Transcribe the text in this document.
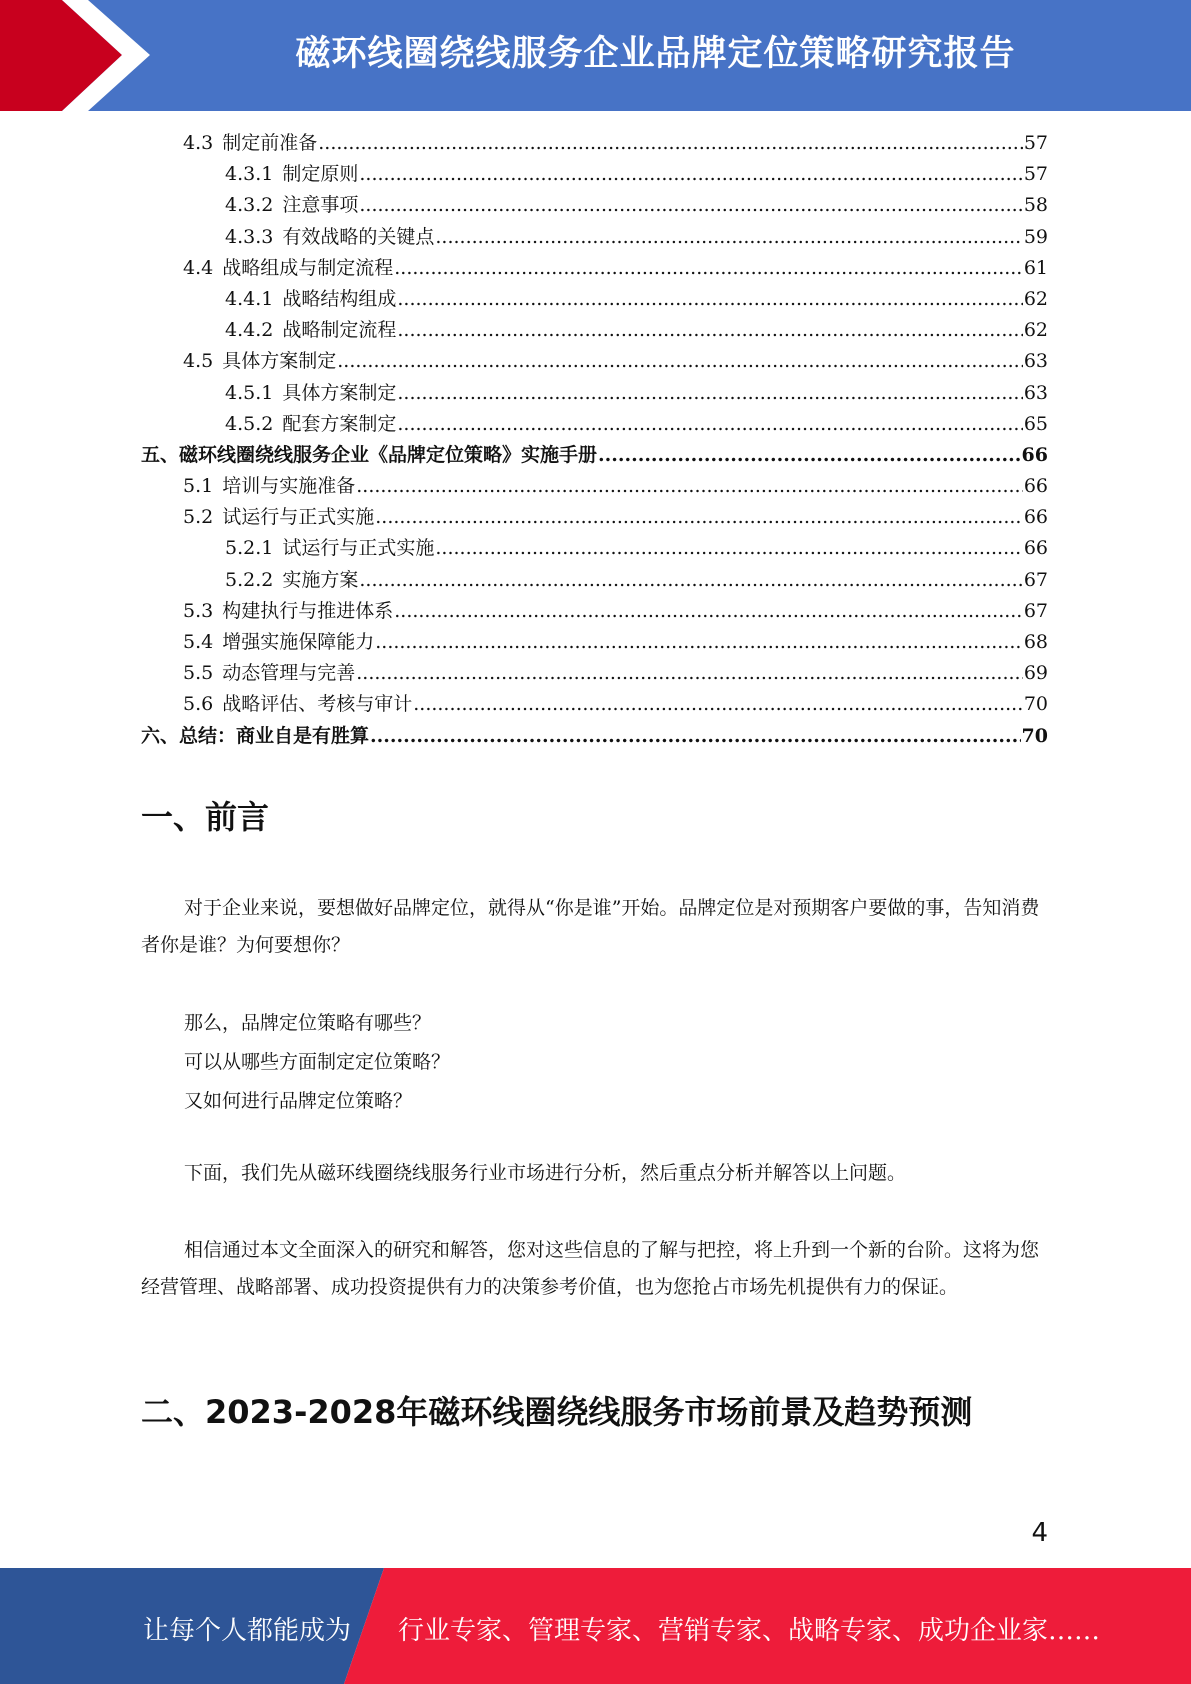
磁环线圈绕线服务企业品牌定位策略研究报告
4.3 制定前准备 .....	57
4.3.1 制定原则 .....	57
4.3.2 注意事项 .....	58
4.3.3 有效战略的关键点 .....	59
4.4 战略组成与制定流程 .....	61
4.4.1 战略结构组成 .....	62
4.4.2 战略制定流程 .....	62
4.5 具体方案制定 .....	63
4.5.1 具体方案制定 .....	63
4.5.2 配套方案制定 .....	65
五、磁环线圈绕线服务企业《品牌定位策略》实施手册 .....	66
5.1 培训与实施准备 .....	66
5.2 试运行与正式实施 .....	66
5.2.1 试运行与正式实施 .....	66
5.2.2 实施方案 .....	67
5.3 构建执行与推进体系 .....	67
5.4 增强实施保障能力 .....	68
5.5 动态管理与完善 .....	69
5.6 战略评估、考核与审计 .....	70
六、总结：商业自是有胜算 .....	70
一、前言
对于企业来说，要想做好品牌定位，就得从“你是谁”开始。品牌定位是对预期客户要做的事，告知消费者你是谁？为何要想你？
那么，品牌定位策略有哪些？
可以从哪些方面制定定位策略？
又如何进行品牌定位策略？
下面，我们先从磁环线圈绕线服务行业市场进行分析，然后重点分析并解答以上问题。
相信通过本文全面深入的研究和解答，您对这些信息的了解与把控，将上升到一个新的台阶。这将为您经营管理、战略部署、成功投资提供有力的决策参考价值，也为您抢占市场先机提供有力的保证。
二、2023-2028年磁环线圈绕线服务市场前景及趋势预测
4
让每个人都能成为 行业专家、管理专家、营销专家、战略专家、成功企业家……
